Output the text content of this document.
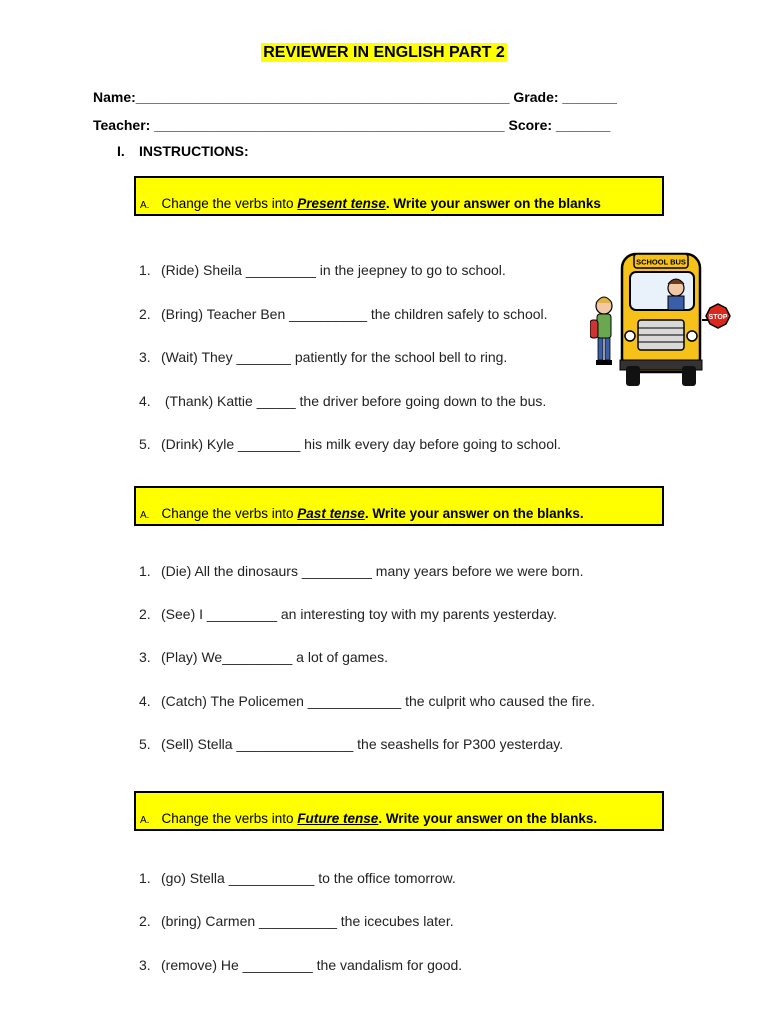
REVIEWER IN ENGLISH PART 2
Name:________________________________________________ Grade: _______
Teacher: _____________________________________________ Score: _______
I. INSTRUCTIONS:
A. Change the verbs into Present tense. Write your answer on the blanks
1. (Ride) Sheila _________ in the jeepney to go to school.
2. (Bring) Teacher Ben __________ the children safely to school.
3. (Wait) They _______ patiently for the school bell to ring.
4. (Thank) Kattie _____ the driver before going down to the bus.
5. (Drink) Kyle ________ his milk every day before going to school.
SCHOOL BUS
STOP
A. Change the verbs into Past tense. Write your answer on the blanks.
1. (Die) All the dinosaurs _________ many years before we were born.
2. (See) I _________ an interesting toy with my parents yesterday.
3. (Play) We_________ a lot of games.
4. (Catch) The Policemen ____________ the culprit who caused the fire.
5. (Sell) Stella _______________ the seashells for P300 yesterday.
A. Change the verbs into Future tense. Write your answer on the blanks.
1. (go) Stella ___________ to the office tomorrow.
2. (bring) Carmen __________ the icecubes later.
3. (remove) He _________ the vandalism for good.
